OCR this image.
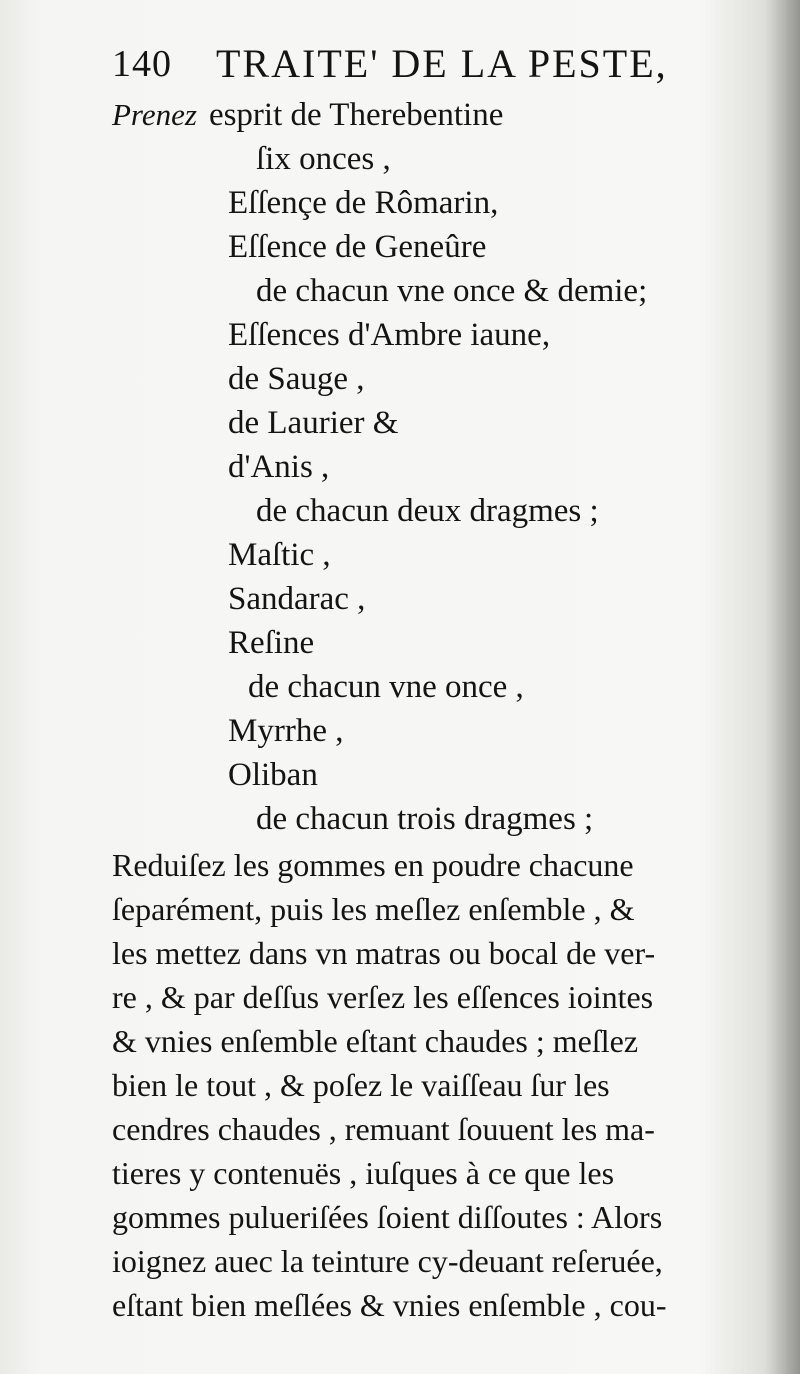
140 TRAITE' DE LA PESTE,
Prenez esprit de Therebentine
ſix onces ,
Eſſençe de Rômarin,
Eſſence de Geneûre
de chacun vne once & demie;
Eſſences d'Ambre iaune,
de Sauge ,
de Laurier &
d'Anis ,
de chacun deux dragmes ;
Maſtic ,
Sandarac ,
Reſine
de chacun vne once ,
Myrrhe ,
Oliban
de chacun trois dragmes ;
Reduiſez les gommes en poudre chacune
ſeparément, puis les meſlez enſemble , &
les mettez dans vn matras ou bocal de ver-
re , & par deſſus verſez les eſſences iointes
& vnies enſemble eſtant chaudes ; meſlez
bien le tout , & poſez le vaiſſeau ſur les
cendres chaudes , remuant ſouuent les ma-
tieres y contenuës , iuſques à ce que les
gommes pulueriſées ſoient diſſoutes : Alors
ioignez auec la teinture cy-deuant reſeruée,
eſtant bien meſlées & vnies enſemble , cou-
